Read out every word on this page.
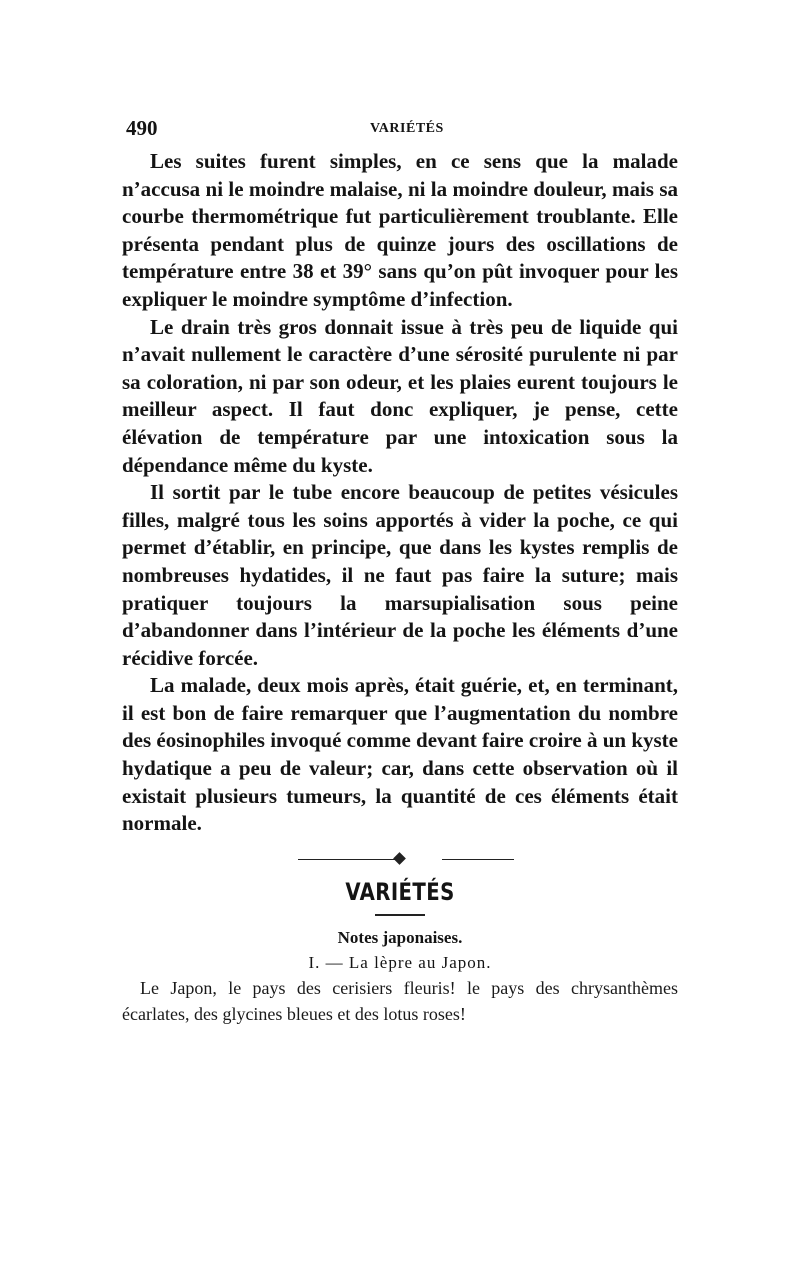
490	VARIÉTÉS

Les suites furent simples, en ce sens que la malade n’accusa ni le moindre malaise, ni la moindre douleur, mais sa courbe thermométrique fut particulièrement troublante. Elle présenta pendant plus de quinze jours des oscillations de température entre 38 et 39° sans qu’on pût invoquer pour les expliquer le moindre symptôme d’infection.

Le drain très gros donnait issue à très peu de liquide qui n’avait nullement le caractère d’une sérosité purulente ni par sa coloration, ni par son odeur, et les plaies eurent toujours le meilleur aspect. Il faut donc expliquer, je pense, cette élévation de température par une intoxication sous la dépendance même du kyste.

Il sortit par le tube encore beaucoup de petites vésicules filles, malgré tous les soins apportés à vider la poche, ce qui permet d’établir, en principe, que dans les kystes remplis de nombreuses hydatides, il ne faut pas faire la suture; mais pratiquer toujours la marsupialisation sous peine d’abandonner dans l’intérieur de la poche les éléments d’une récidive forcée.

La malade, deux mois après, était guérie, et, en terminant, il est bon de faire remarquer que l’augmentation du nombre des éosinophiles invoqué comme devant faire croire à un kyste hydatique a peu de valeur; car, dans cette observation où il existait plusieurs tumeurs, la quantité de ces éléments était normale.

VARIÉTÉS
Notes japonaises.
I. — La lèpre au Japon.

Le Japon, le pays des cerisiers fleuris! le pays des chrysanthèmes écarlates, des glycines bleues et des lotus roses!
